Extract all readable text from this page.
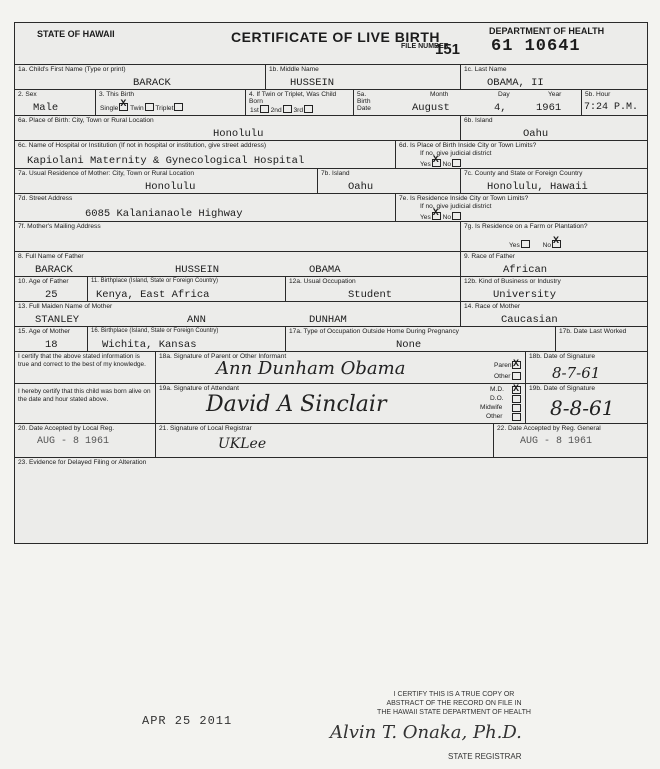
STATE OF HAWAII	CERTIFICATE OF LIVE BIRTH
FILE NUMBER
151
DEPARTMENT OF HEALTH
61 10641
1a. Child's First Name (Type or print)
BARACK
1b. Middle Name
HUSSEIN
1c. Last Name
OBAMA, II
2. Sex
Male
3. This Birth
Single X Twin Triplet
4. If Twin or Triplet, Was Child Born
1st 2nd 3rd
5a. Birth Date
Month	Day	Year
August	4,	1961
5b. Hour
7:24 P.M.
6a. Place of Birth: City, Town or Rural Location
Honolulu
6b. Island
Oahu
6c. Name of Hospital or Institution (If not in hospital or institution, give street address)
Kapiolani Maternity & Gynecological Hospital
6d. Is Place of Birth Inside City or Town Limits?
If no, give judicial district
Yes X No
7a. Usual Residence of Mother: City, Town or Rural Location
Honolulu
7b. Island
Oahu
7c. County and State or Foreign Country
Honolulu, Hawaii
7d. Street Address
6085 Kalanianaole Highway
7e. Is Residence Inside City or Town Limits?
If no, give judicial district
Yes X No
7f. Mother's Mailing Address	7g. Is Residence on a Farm or Plantation?
Yes	NoX
8. Full Name of Father
BARACK	HUSSEIN	OBAMA
9. Race of Father
African
10. Age of Father
25
11. Birthplace (Island, State or Foreign Country)
Kenya, East Africa
12a. Usual Occupation
Student
12b. Kind of Business or Industry
University
13. Full Maiden Name of Mother
STANLEY	ANN	DUNHAM
14. Race of Mother
Caucasian
15. Age of Mother
18
16. Birthplace (Island, State or Foreign Country)
Wichita, Kansas
17a. Type of Occupation Outside Home During Pregnancy
None
17b. Date Last Worked
I certify that the above stated information is true and correct to the best of my knowledge.
18a. Signature of Parent or Other Informant
Ann Dunham Obama	Parent
Other
X
18b. Date of Signature
8-7-61
I hereby certify that this child was born alive on the date and hour stated above.
19a. Signature of Attendant
David A Sinclair
M.D.
D.O.
Midwife
Other
X
19b. Date of Signature
8-8-61
20. Date Accepted by Local Reg.
AUG - 8 1961
21. Signature of Local Registrar
UKLee
22. Date Accepted by Reg. General
AUG - 8 1961
23. Evidence for Delayed Filing or Alteration
I CERTIFY THIS IS A TRUE COPY OR
ABSTRACT OF THE RECORD ON FILE IN
THE HAWAII STATE DEPARTMENT OF HEALTH
APR 25 2011
Alvin T. Onaka, Ph.D.
STATE REGISTRAR
